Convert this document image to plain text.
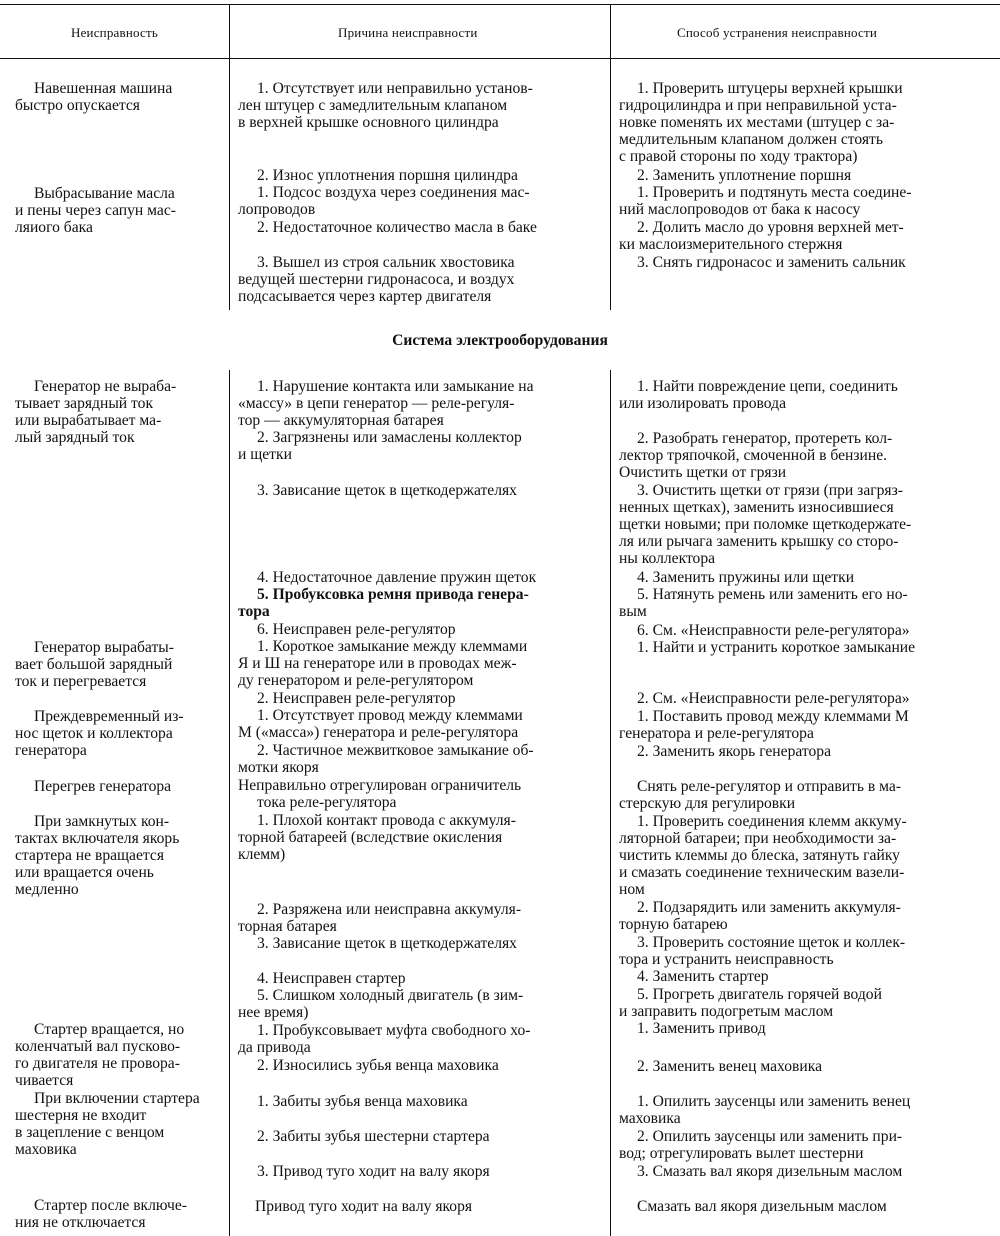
Неисправность	Причина неисправности	Способ устранения неисправности
Навешенная машина
быстро опускается
Выбрасывание масла
и пены через сапун мас-
ляиого бака
1. Отсутствует или неправильно установ-
лен штуцер с замедлительным клапаном
в верхней крышке основного цилиндра
2. Износ уплотнения поршня цилиндра
1. Подсос воздуха через соединения мас-
лопроводов
2. Недостаточное количество масла в баке
3. Вышел из строя сальник хвостовика
ведущей шестерни гидронасоса, и воздух
подсасывается через картер двигателя
1. Проверить штуцеры верхней крышки
гидроцилиндра и при неправильной уста-
новке поменять их местами (штуцер с за-
медлительным клапаном должен стоять
с правой стороны по ходу трактора)
2. Заменить уплотнение поршня
1. Проверить и подтянуть места соедине-
ний маслопроводов от бака к насосу
2. Долить масло до уровня верхней мет-
ки маслоизмерительного стержня
3. Снять гидронасос и заменить сальник
Система электрооборудования
Генератор не выраба-
тывает зарядный ток
или вырабатывает ма-
лый зарядный ток
Генератор вырабаты-
вает большой зарядный
ток и перегревается
Преждевременный из-
нос щеток и коллектора
генератора
Перегрев генератора
При замкнутых кон-
тактах включателя якорь
стартера не вращается
или вращается очень
медленно
Стартер вращается, но
коленчатый вал пусково-
го двигателя не проворa-
чивается
При включении стартера
шестерня не входит
в зацепление с венцом
маховика
Стартер после включе-
ния не отключается
1. Нарушение контакта или замыкание на
«массу» в цепи генератор — реле-регуля-
тор — аккумуляторная батарея
2. Загрязнены или замаслены коллектор
и щетки
3. Зависание щеток в щеткодержателях
4. Недостаточное давление пружин щеток
5. Пробуксовка ремня привода генера-
тора
6. Неисправен реле-регулятор
1. Короткое замыкание между клеммами
Я и Ш на генераторе или в проводах меж-
ду генератором и реле-регулятором
2. Неисправен реле-регулятор
1. Отсутствует провод между клеммами
М («масса») генератора и реле-регулятора
2. Частичное межвитковое замыкание об-
мотки якоря
Неправильно отрегулирован ограничитель
тока реле-регулятора
1. Плохой контакт провода с аккумуля-
торной батареей (вследствие окисления
клемм)
2. Разряжена или неисправна аккумуля-
торная батарея
3. Зависание щеток в щеткодержателях
4. Неисправен стартер
5. Слишком холодный двигатель (в зим-
нее время)
1. Пробуксовывает муфта свободного хо-
да привода
2. Износились зубья венца маховика
1. Забиты зубья венца маховика
2. Забиты зубья шестерни стартера
3. Привод туго ходит на валу якоря
Привод туго ходит на валу якоря
1. Найти повреждение цепи, соединить
или изолировать провода
2. Разобрать генератор, протереть кол-
лектор тряпочкой, смоченной в бензине.
Очистить щетки от грязи
3. Очистить щетки от грязи (при загряз-
ненных щетках), заменить износившиеся
щетки новыми; при поломке щеткодержате-
ля или рычага заменить крышку со сторо-
ны коллектора
4. Заменить пружины или щетки
5. Натянуть ремень или заменить его но-
вым
6. См. «Неисправности реле-регулятора»
1. Найти и устранить короткое замыкание
2. См. «Неисправности реле-регулятора»
1. Поставить провод между клеммами М
генератора и реле-регулятора
2. Заменить якорь генератора
Снять реле-регулятор и отправить в ма-
стерскую для регулировки
1. Проверить соединения клемм аккуму-
ляторной батареи; при необходимости за-
чистить клеммы до блеска, затянуть гайку
и смазать соединение техническим вазели-
ном
2. Подзарядить или заменить аккумуля-
торную батарею
3. Проверить состояние щеток и коллек-
тора и устранить неисправность
4. Заменить стартер
5. Прогреть двигатель горячей водой
и заправить подогретым маслом
1. Заменить привод
2. Заменить венец маховика
1. Опилить заусенцы или заменить венец
маховика
2. Опилить заусенцы или заменить при-
вод; отрегулировать вылет шестерни
3. Смазать вал якоря дизельным маслом
Смазать вал якоря дизельным маслом
